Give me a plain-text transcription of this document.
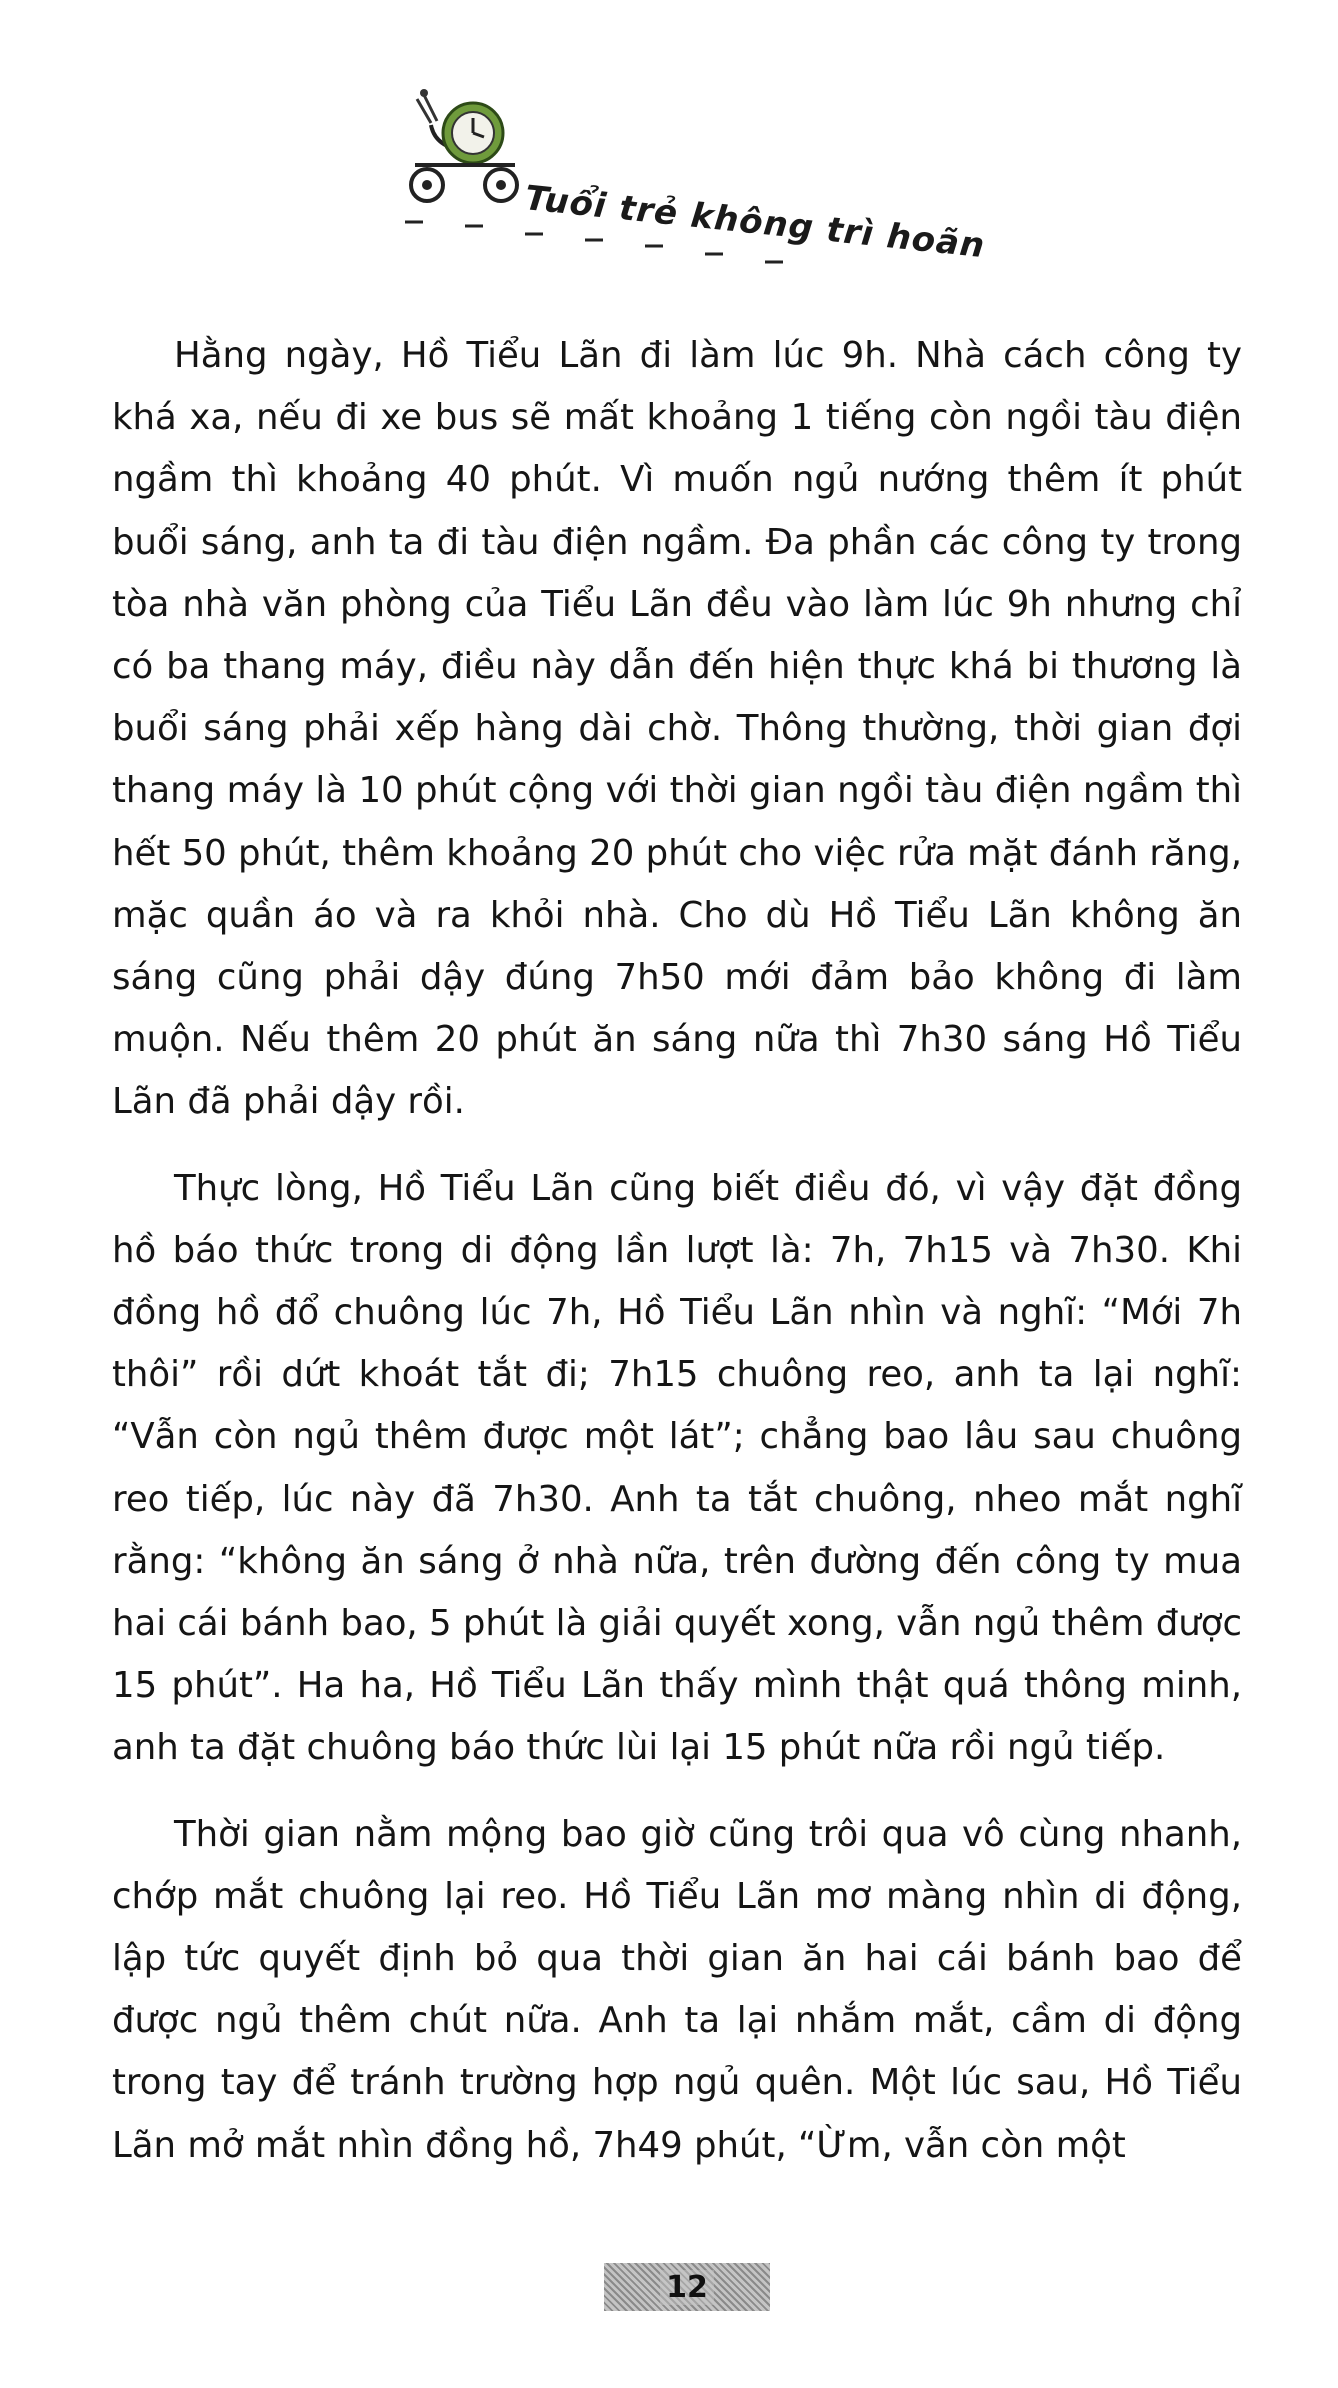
Tuổi trẻ không trì hoãn

Hằng ngày, Hồ Tiểu Lãn đi làm lúc 9h. Nhà cách công ty khá xa, nếu đi xe bus sẽ mất khoảng 1 tiếng còn ngồi tàu điện ngầm thì khoảng 40 phút. Vì muốn ngủ nướng thêm ít phút buổi sáng, anh ta đi tàu điện ngầm. Đa phần các công ty trong tòa nhà văn phòng của Tiểu Lãn đều vào làm lúc 9h nhưng chỉ có ba thang máy, điều này dẫn đến hiện thực khá bi thương là buổi sáng phải xếp hàng dài chờ. Thông thường, thời gian đợi thang máy là 10 phút cộng với thời gian ngồi tàu điện ngầm thì hết 50 phút, thêm khoảng 20 phút cho việc rửa mặt đánh răng, mặc quần áo và ra khỏi nhà. Cho dù Hồ Tiểu Lãn không ăn sáng cũng phải dậy đúng 7h50 mới đảm bảo không đi làm muộn. Nếu thêm 20 phút ăn sáng nữa thì 7h30 sáng Hồ Tiểu Lãn đã phải dậy rồi.

Thực lòng, Hồ Tiểu Lãn cũng biết điều đó, vì vậy đặt đồng hồ báo thức trong di động lần lượt là: 7h, 7h15 và 7h30. Khi đồng hồ đổ chuông lúc 7h, Hồ Tiểu Lãn nhìn và nghĩ: “Mới 7h thôi” rồi dứt khoát tắt đi; 7h15 chuông reo, anh ta lại nghĩ: “Vẫn còn ngủ thêm được một lát”; chẳng bao lâu sau chuông reo tiếp, lúc này đã 7h30. Anh ta tắt chuông, nheo mắt nghĩ rằng: “không ăn sáng ở nhà nữa, trên đường đến công ty mua hai cái bánh bao, 5 phút là giải quyết xong, vẫn ngủ thêm được 15 phút”. Ha ha, Hồ Tiểu Lãn thấy mình thật quá thông minh, anh ta đặt chuông báo thức lùi lại 15 phút nữa rồi ngủ tiếp.

Thời gian nằm mộng bao giờ cũng trôi qua vô cùng nhanh, chớp mắt chuông lại reo. Hồ Tiểu Lãn mơ màng nhìn di động, lập tức quyết định bỏ qua thời gian ăn hai cái bánh bao để được ngủ thêm chút nữa. Anh ta lại nhắm mắt, cầm di động trong tay để tránh trường hợp ngủ quên. Một lúc sau, Hồ Tiểu Lãn mở mắt nhìn đồng hồ, 7h49 phút, “Ừm, vẫn còn một

12
